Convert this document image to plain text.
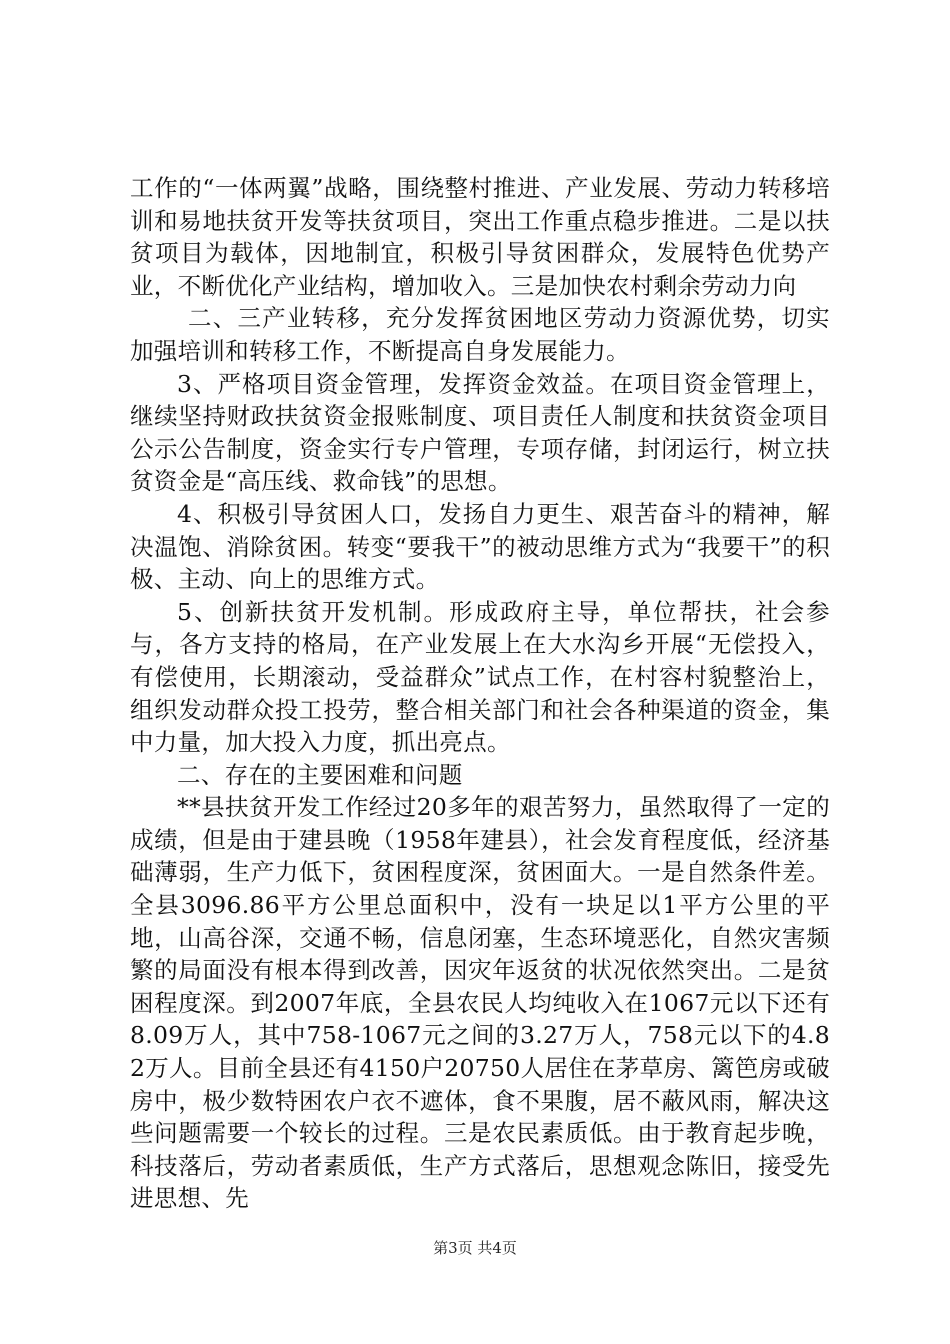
工作的“一体两翼”战略，围绕整村推进、产业发展、劳动力转移培训和易地扶贫开发等扶贫项目，突出工作重点稳步推进。二是以扶贫项目为载体，因地制宜，积极引导贫困群众，发展特色优势产业，不断优化产业结构，增加收入。三是加快农村剩余劳动力向

二、三产业转移，充分发挥贫困地区劳动力资源优势，切实加强培训和转移工作，不断提高自身发展能力。

3、严格项目资金管理，发挥资金效益。在项目资金管理上，继续坚持财政扶贫资金报账制度、项目责任人制度和扶贫资金项目公示公告制度，资金实行专户管理，专项存储，封闭运行，树立扶贫资金是“高压线、救命钱”的思想。

4、积极引导贫困人口，发扬自力更生、艰苦奋斗的精神，解决温饱、消除贫困。转变“要我干”的被动思维方式为“我要干”的积极、主动、向上的思维方式。

5、创新扶贫开发机制。形成政府主导，单位帮扶，社会参与，各方支持的格局，在产业发展上在大水沟乡开展“无偿投入，有偿使用，长期滚动，受益群众”试点工作，在村容村貌整治上，组织发动群众投工投劳，整合相关部门和社会各种渠道的资金，集中力量，加大投入力度，抓出亮点。

二、存在的主要困难和问题

**县扶贫开发工作经过20多年的艰苦努力，虽然取得了一定的成绩，但是由于建县晚（1958年建县），社会发育程度低，经济基础薄弱，生产力低下，贫困程度深，贫困面大。一是自然条件差。全县3096.86平方公里总面积中，没有一块足以1平方公里的平地，山高谷深，交通不畅，信息闭塞，生态环境恶化，自然灾害频繁的局面没有根本得到改善，因灾年返贫的状况依然突出。二是贫困程度深。到2007年底，全县农民人均纯收入在1067元以下还有8.09万人，其中758-1067元之间的3.27万人，758元以下的4.82万人。目前全县还有4150户20750人居住在茅草房、篱笆房或破房中，极少数特困农户衣不遮体，食不果腹，居不蔽风雨，解决这些问题需要一个较长的过程。三是农民素质低。由于教育起步晚，科技落后，劳动者素质低，生产方式落后，思想观念陈旧，接受先进思想、先

第3页 共4页
